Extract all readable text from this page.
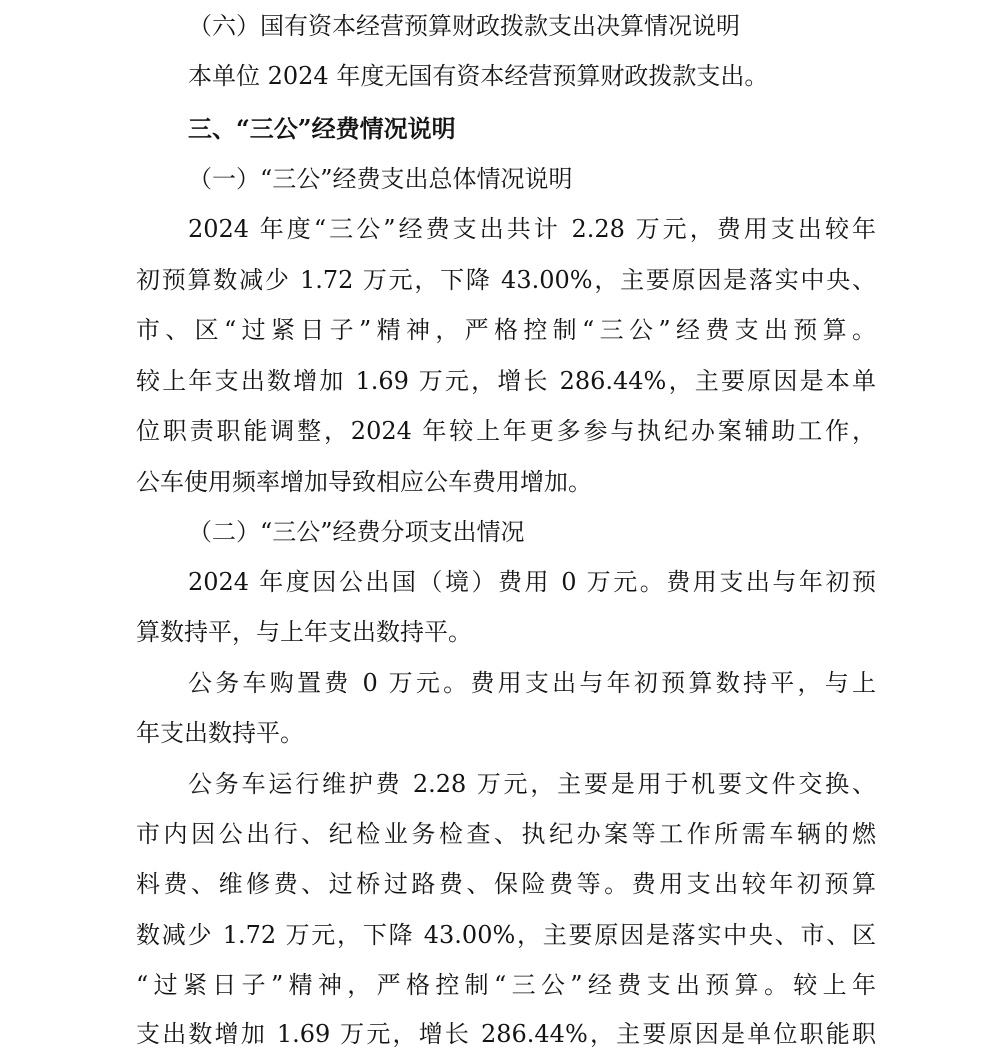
（六）国有资本经营预算财政拨款支出决算情况说明
本单位 2024 年度无国有资本经营预算财政拨款支出。
三、“三公”经费情况说明
（一）“三公”经费支出总体情况说明
2024 年度“三公”经费支出共计 2.28 万元，费用支出较年
初预算数减少 1.72 万元，下降 43.00%，主要原因是落实中央、
市、区“过紧日子”精神，严格控制“三公”经费支出预算。
较上年支出数增加 1.69 万元，增长 286.44%，主要原因是本单
位职责职能调整，2024 年较上年更多参与执纪办案辅助工作，
公车使用频率增加导致相应公车费用增加。
（二）“三公”经费分项支出情况
2024 年度因公出国（境）费用 0 万元。费用支出与年初预
算数持平，与上年支出数持平。
公务车购置费 0 万元。费用支出与年初预算数持平，与上
年支出数持平。
公务车运行维护费 2.28 万元，主要是用于机要文件交换、
市内因公出行、纪检业务检查、执纪办案等工作所需车辆的燃
料费、维修费、过桥过路费、保险费等。费用支出较年初预算
数减少 1.72 万元，下降 43.00%，主要原因是落实中央、市、区
“过紧日子”精神，严格控制“三公”经费支出预算。较上年
支出数增加 1.69 万元，增长 286.44%，主要原因是单位职能职
